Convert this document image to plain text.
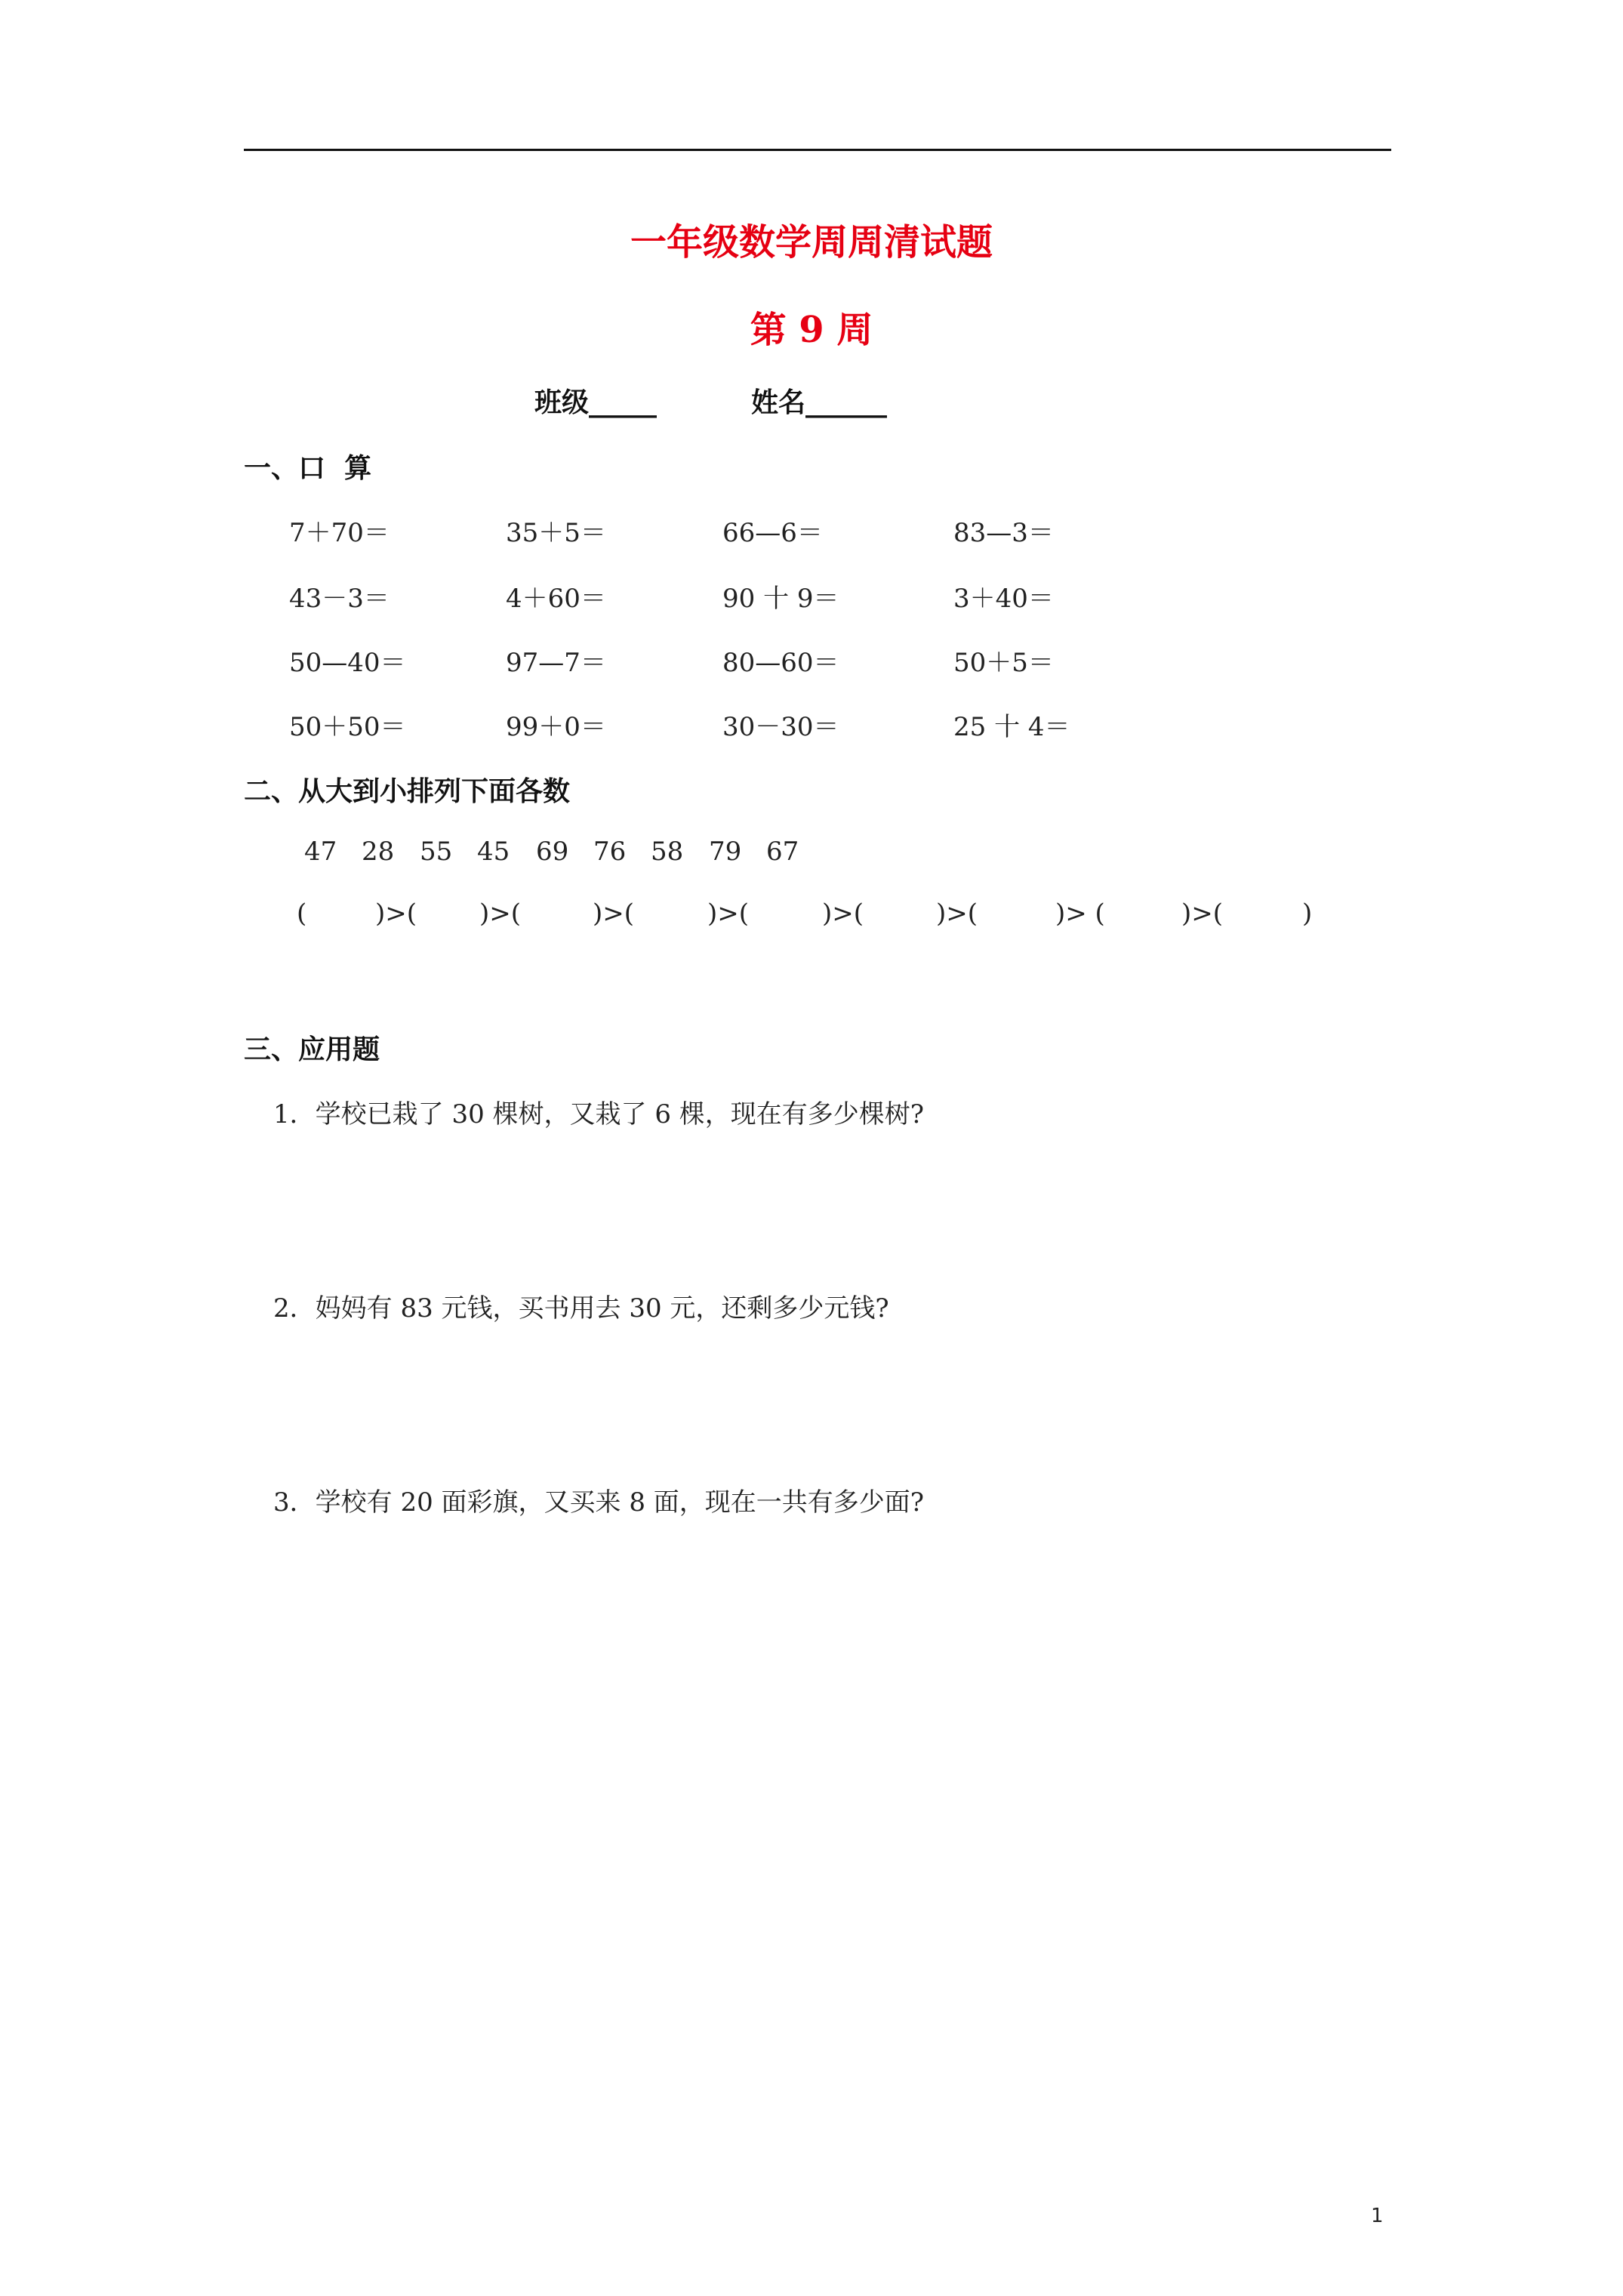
一年级数学周周清试题
第 9 周
班级_____	姓名______
一、口  算
7＋70＝	35＋5＝	66—6＝	83—3＝
43－3＝	4＋60＝	90 十 9＝	3＋40＝
50—40＝	97—7＝	80—60＝	50＋5＝
50＋50＝	99＋0＝	30－30＝	25 十 4＝
二、从大到小排列下面各数
47 28 55 45 69 76 58 79 67
(	)>( )>(	)>(	)>(	)>(	)>(	)> (	)>(	)
三、应用题
1．学校已栽了 30 棵树，又栽了 6 棵，现在有多少棵树?
2．妈妈有 83 元钱，买书用去 30 元，还剩多少元钱?
3．学校有 20 面彩旗，又买来 8 面，现在一共有多少面?
1
